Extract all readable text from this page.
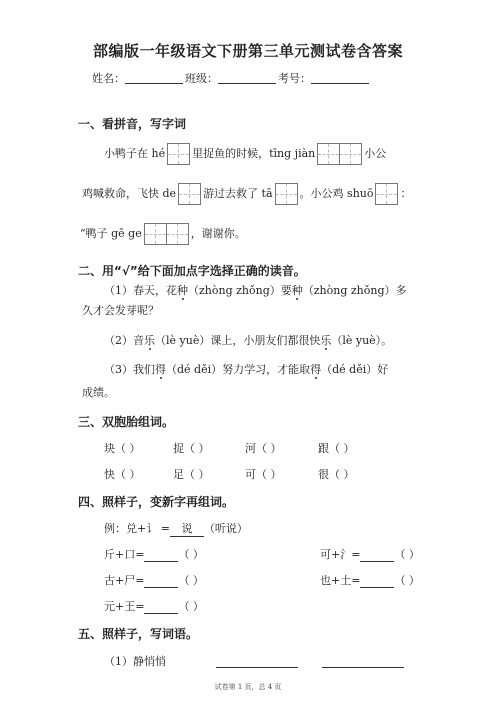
部编版一年级语文下册第三单元测试卷含答案
姓名：	班级：	考号：
一、看拼音，写字词
小鸭子在 hé 里捉鱼的时候，tīng jiàn	小公
鸡喊救命，飞快 de 游过去救了 tā 。小公鸡 shuō ：
“鸭子 gē ge	，谢谢你。
二、用“√”给下面加点字选择正确的读音。
（1）春天，花种（zhòng zhǒng）要种（zhòng zhǒng）多
久才会发芽呢？
（2）音乐（lè yuè）课上，小朋友们都很快乐（lè yuè）。
（3）我们得（dé děi）努力学习，才能取得（dé děi）好
成绩。
三、双胞胎组词。
块（ ）	捉（ ）	河（ ）	跟（ ）
快（ ）	足（ ）	可（ ）	很（ ）
四、照样子，变新字再组词。
例：兑+讠 = 说 （听说）
斤+口=	（ ）	可+氵=	（ ）
古+尸=	（ ）	也+土=	（ ）
元+王=	（ ）
五、照样子，写词语。
（1）静悄悄
试卷第 1 页，总 4 页
